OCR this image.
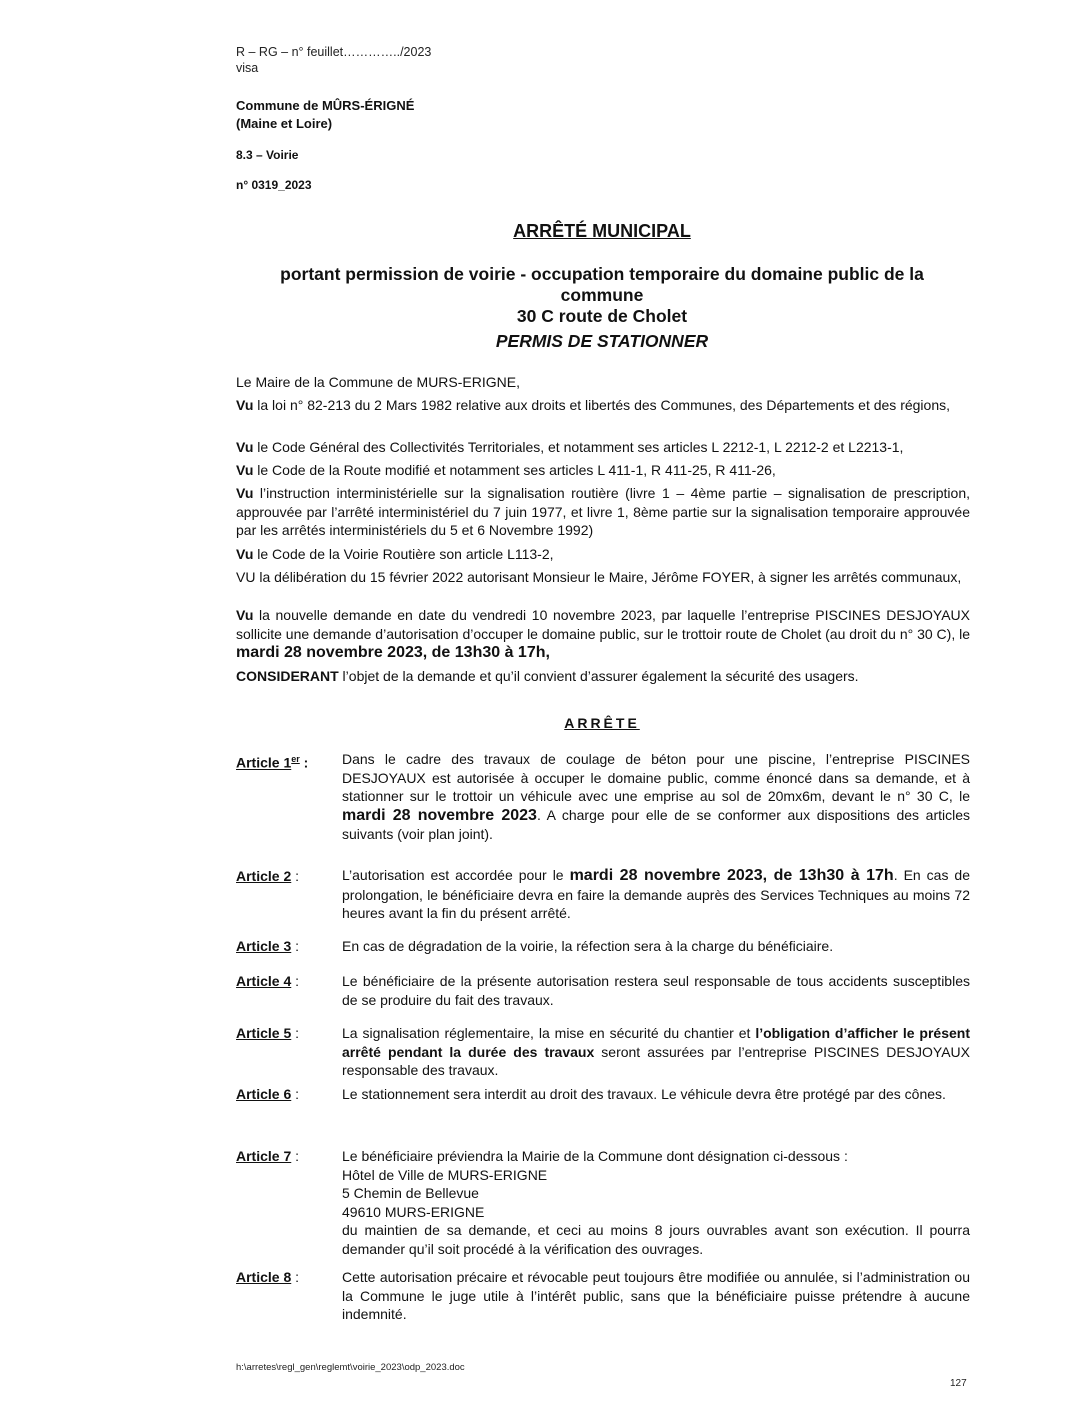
R – RG – n° feuillet…………../2023
visa
Commune de MÛRS-ÉRIGNÉ
(Maine et Loire)
8.3 – Voirie
n° 0319_2023
ARRÊTÉ MUNICIPAL
portant permission de voirie - occupation temporaire du domaine public de la
commune
30 C route de Cholet
PERMIS DE STATIONNER
Le Maire de la Commune de MURS-ERIGNE,
Vu la loi n° 82-213 du 2 Mars 1982 relative aux droits et libertés des Communes, des Départements et des régions,
Vu le Code Général des Collectivités Territoriales, et notamment ses articles L 2212-1, L 2212-2 et L2213-1,
Vu le Code de la Route modifié et notamment ses articles L 411-1, R 411-25, R 411-26,
Vu l’instruction interministérielle sur la signalisation routière (livre 1 – 4ème partie – signalisation de prescription, approuvée par l’arrêté interministériel du 7 juin 1977, et livre 1, 8ème partie sur la signalisation temporaire approuvée par les arrêtés interministériels du 5 et 6 Novembre 1992)
Vu le Code de la Voirie Routière son article L113-2,
VU la délibération du 15 février 2022 autorisant Monsieur le Maire, Jérôme FOYER, à signer les arrêtés communaux,
Vu la nouvelle demande en date du vendredi 10 novembre 2023, par laquelle l’entreprise PISCINES DESJOYAUX sollicite une demande d’autorisation d’occuper le domaine public, sur le trottoir route de Cholet (au droit du n° 30 C), le mardi 28 novembre 2023, de 13h30 à 17h,
CONSIDERANT l’objet de la demande et qu’il convient d’assurer également la sécurité des usagers.
ARRÊTE
Article 1er : Dans le cadre des travaux de coulage de béton pour une piscine, l’entreprise PISCINES DESJOYAUX est autorisée à occuper le domaine public, comme énoncé dans sa demande, et à stationner sur le trottoir un véhicule avec une emprise au sol de 20mx6m, devant le n° 30 C, le mardi 28 novembre 2023. A charge pour elle de se conformer aux dispositions des articles suivants (voir plan joint).
Article 2 :	L’autorisation est accordée pour le mardi 28 novembre 2023, de 13h30 à 17h. En cas de prolongation, le bénéficiaire devra en faire la demande auprès des Services Techniques au moins 72 heures avant la fin du présent arrêté.
Article 3 :	En cas de dégradation de la voirie, la réfection sera à la charge du bénéficiaire.
Article 4 :	Le bénéficiaire de la présente autorisation restera seul responsable de tous accidents susceptibles de se produire du fait des travaux.
Article 5 :	La signalisation réglementaire, la mise en sécurité du chantier et l’obligation d’afficher le présent arrêté pendant la durée des travaux seront assurées par l’entreprise PISCINES DESJOYAUX responsable des travaux.
Article 6 :	Le stationnement sera interdit au droit des travaux. Le véhicule devra être protégé par des cônes.
Article 7 :	Le bénéficiaire préviendra la Mairie de la Commune dont désignation ci-dessous :
Hôtel de Ville de MURS-ERIGNE
5 Chemin de Bellevue
49610 MURS-ERIGNE
du maintien de sa demande, et ceci au moins 8 jours ouvrables avant son exécution. Il pourra demander qu’il soit procédé à la vérification des ouvrages.
Article 8 :	Cette autorisation précaire et révocable peut toujours être modifiée ou annulée, si l’administration ou la Commune le juge utile à l’intérêt public, sans que la bénéficiaire puisse prétendre à aucune indemnité.
h:\arretes\regl_gen\reglemt\voirie_2023\odp_2023.doc
127
